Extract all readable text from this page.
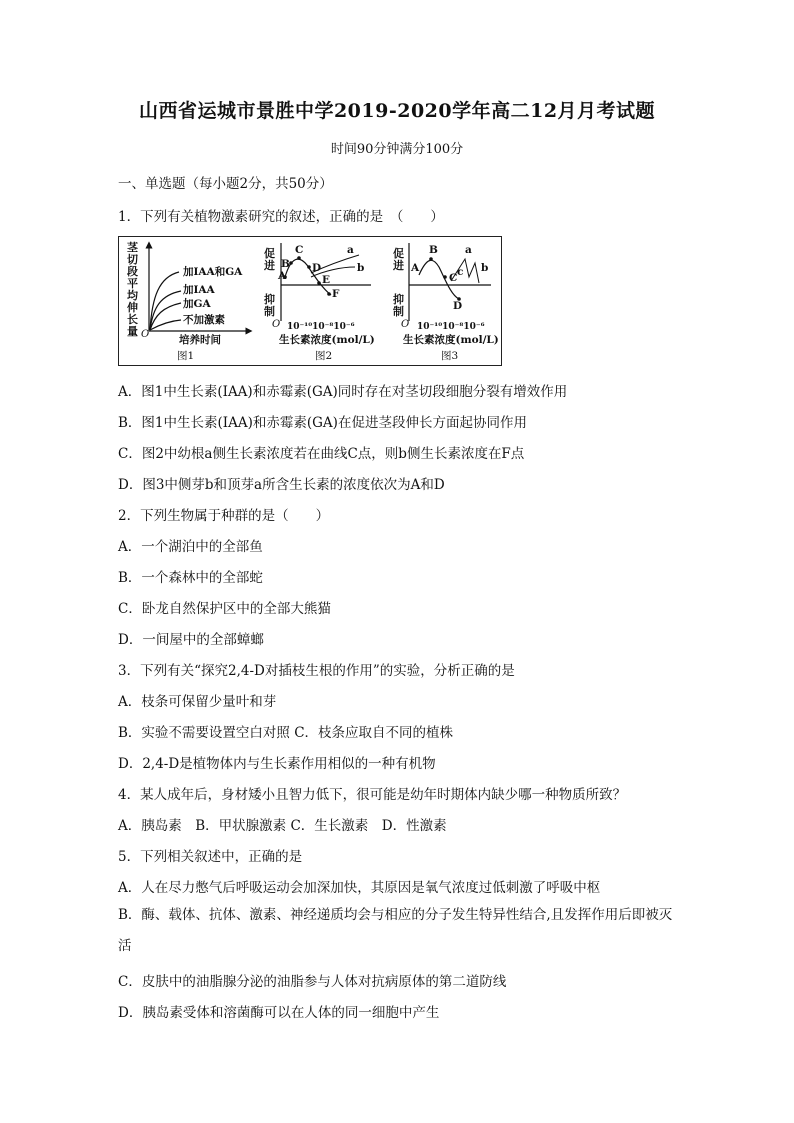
山西省运城市景胜中学2019-2020学年高二12月月考试题
时间90分钟满分100分
一、单选题（每小题2分，共50分）
1．下列有关植物激素研究的叙述，正确的是　（　　）
茎
切
段
平
均
伸
长
量 O
加IAA和GA
加IAA
加GA
不加激素
培养时间
图1
促
进
抑
制
O
A
B
C
D
E
F
a
b
10⁻¹⁰10⁻⁸10⁻⁶
生长素浓度(mol/L)
图2
促
进
抑
制
O
A
B
C
D
a
b
c
10⁻¹⁰10⁻⁸10⁻⁶
生长素浓度(mol/L)
图3
A．图1中生长素(IAA)和赤霉素(GA)同时存在对茎切段细胞分裂有增效作用
B．图1中生长素(IAA)和赤霉素(GA)在促进茎段伸长方面起协同作用
C．图2中幼根a侧生长素浓度若在曲线C点，则b侧生长素浓度在F点
D．图3中侧芽b和顶芽a所含生长素的浓度依次为A和D
2．下列生物属于种群的是（　　）
A．一个湖泊中的全部鱼
B．一个森林中的全部蛇
C．卧龙自然保护区中的全部大熊猫
D．一间屋中的全部蟑螂
3．下列有关“探究2,4-D对插枝生根的作用”的实验，分析正确的是
A．枝条可保留少量叶和芽
B．实验不需要设置空白对照 C．枝条应取自不同的植株
D．2,4-D是植物体内与生长素作用相似的一种有机物
4．某人成年后，身材矮小且智力低下，很可能是幼年时期体内缺少哪一种物质所致？
A．胰岛素　B．甲状腺激素 C．生长激素　D．性激素
5．下列相关叙述中，正确的是
A．人在尽力憋气后呼吸运动会加深加快，其原因是氧气浓度过低刺激了呼吸中枢
B．酶、载体、抗体、激素、神经递质均会与相应的分子发生特异性结合,且发挥作用后即被灭活
C．皮肤中的油脂腺分泌的油脂参与人体对抗病原体的第二道防线
D．胰岛素受体和溶菌酶可以在人体的同一细胞中产生
